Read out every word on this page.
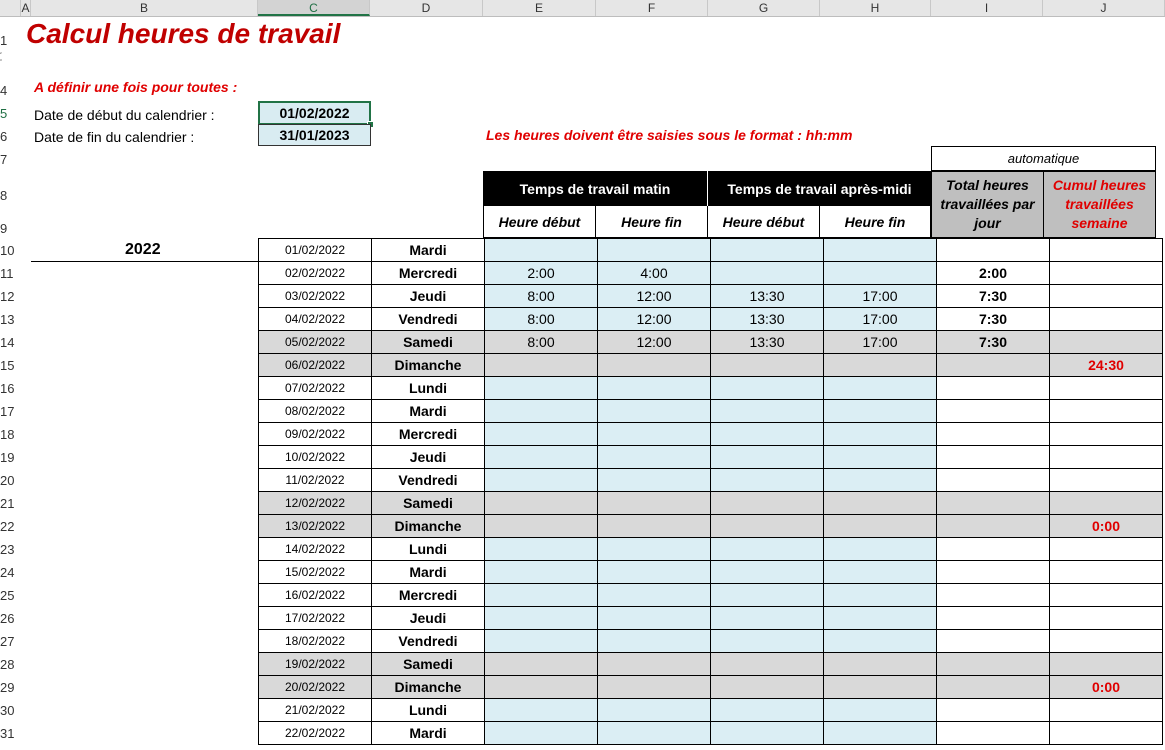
A	B	C	D	E	F	G	H	I	J
1
2
3
4
5
6
7
8
9
10
11
12
13
14
15
16
17
18
19
20
21
22
23
24
25
26
27
28
29
30
31
Calcul heures de travail
A définir une fois pour toutes :
Date de début du calendrier :	01/02/2022
Date de fin du calendrier :	31/01/2023	Les heures doivent être saisies sous le format : hh:mm
automatique
Temps de travail matin	Temps de travail après-midi
Heure début	Heure fin	Heure début	Heure fin
Total heures travaillées par jour
Cumul heures travaillées semaine
2022	01/02/2022	Mardi						
02/02/2022	Mercredi	2:00	4:00			2:00	
03/02/2022	Jeudi	8:00	12:00	13:30	17:00	7:30	
04/02/2022	Vendredi	8:00	12:00	13:30	17:00	7:30	
05/02/2022	Samedi	8:00	12:00	13:30	17:00	7:30	
06/02/2022	Dimanche						24:30
07/02/2022	Lundi						
08/02/2022	Mardi						
09/02/2022	Mercredi						
10/02/2022	Jeudi						
11/02/2022	Vendredi						
12/02/2022	Samedi						
13/02/2022	Dimanche						0:00
14/02/2022	Lundi						
15/02/2022	Mardi						
16/02/2022	Mercredi						
17/02/2022	Jeudi						
18/02/2022	Vendredi						
19/02/2022	Samedi						
20/02/2022	Dimanche						0:00
21/02/2022	Lundi						
22/02/2022	Mardi						
